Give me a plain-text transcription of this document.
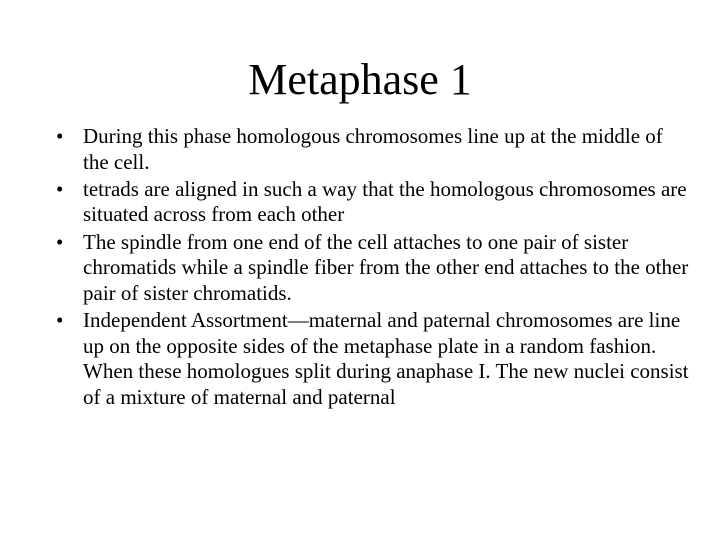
Metaphase 1
• During this phase homologous chromosomes line up at the middle of the cell.
• tetrads are aligned in such a way that the homologous chromosomes are situated across from each other
• The spindle from one end of the cell attaches to one pair of sister chromatids while a spindle fiber from the other end attaches to the other pair of sister chromatids.
• Independent Assortment—maternal and paternal chromosomes are line up on the opposite sides of the metaphase plate in a random fashion. When these homologues split during anaphase I. The new nuclei consist of a mixture of maternal and paternal
